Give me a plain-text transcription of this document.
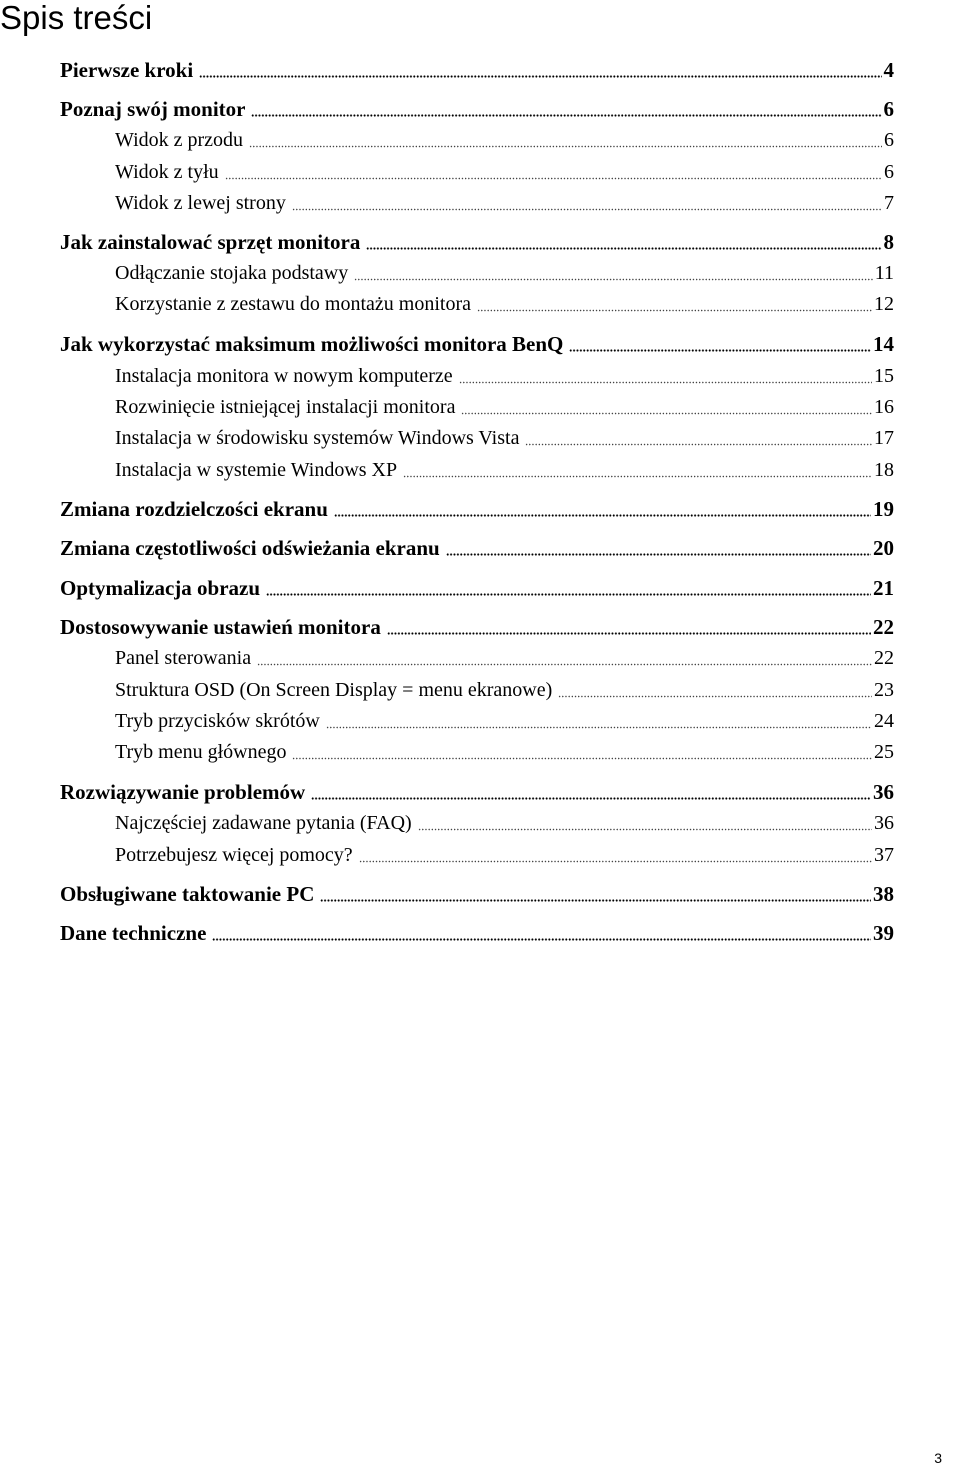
Spis treści
Pierwsze kroki	4
Poznaj swój monitor	6
Widok z przodu	6
Widok z tyłu	6
Widok z lewej strony	7
Jak zainstalować sprzęt monitora	8
Odłączanie stojaka podstawy	11
Korzystanie z zestawu do montażu monitora	12
Jak wykorzystać maksimum możliwości monitora BenQ	14
Instalacja monitora w nowym komputerze	15
Rozwinięcie istniejącej instalacji monitora	16
Instalacja w środowisku systemów Windows Vista	17
Instalacja w systemie Windows XP	18
Zmiana rozdzielczości ekranu	19
Zmiana częstotliwości odświeżania ekranu	20
Optymalizacja obrazu	21
Dostosowywanie ustawień monitora	22
Panel sterowania	22
Struktura OSD (On Screen Display = menu ekranowe)	23
Tryb przycisków skrótów	24
Tryb menu głównego	25
Rozwiązywanie problemów	36
Najczęściej zadawane pytania (FAQ)	36
Potrzebujesz więcej pomocy?	37
Obsługiwane taktowanie PC	38
Dane techniczne	39
3
